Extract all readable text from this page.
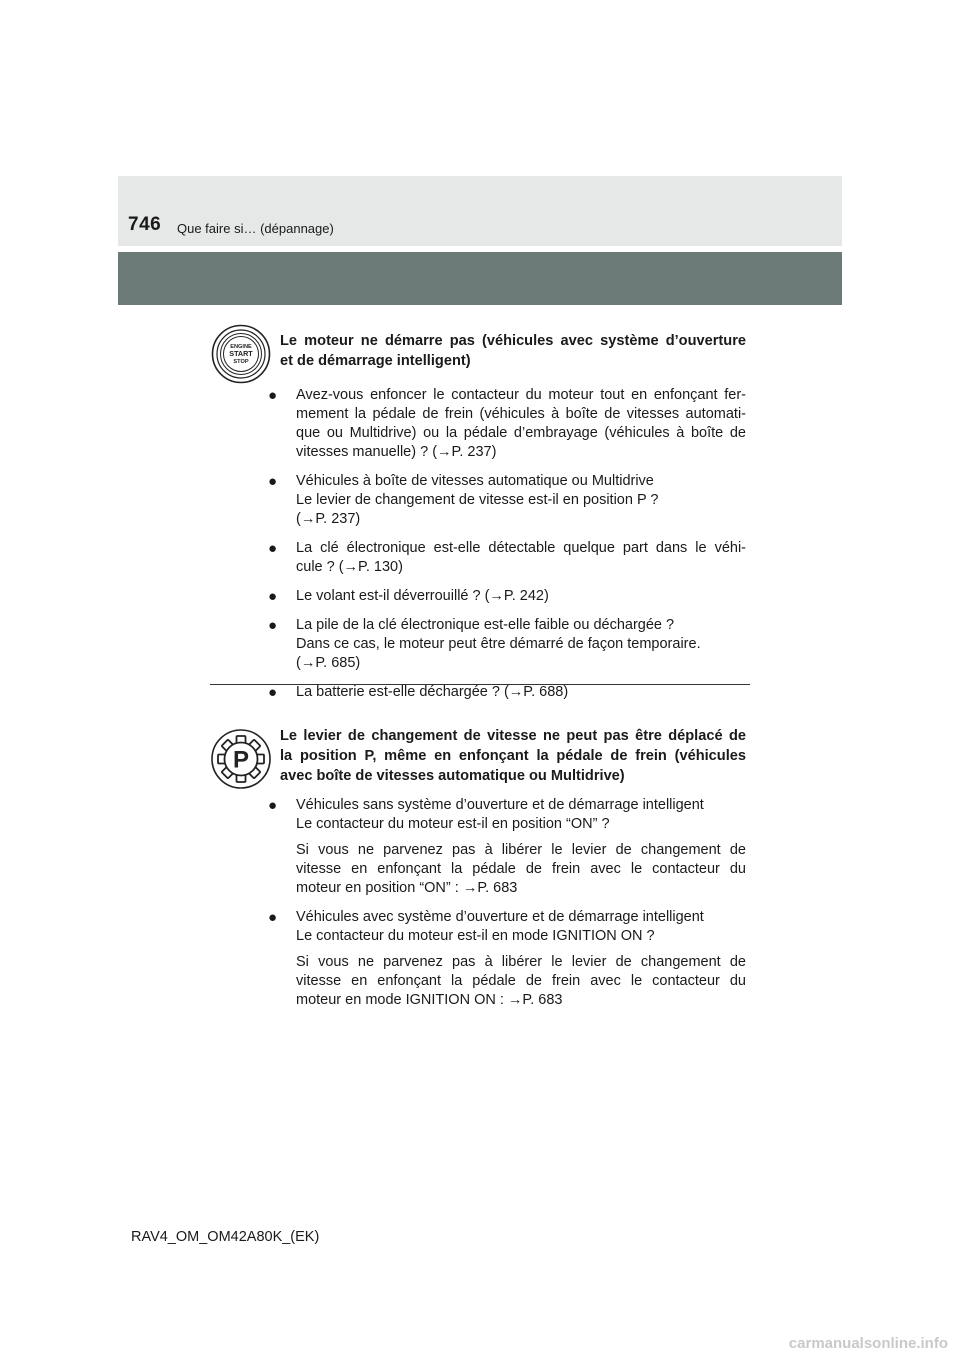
746 Que faire si… (dépannage)
ENGINE
START
STOP
Le moteur ne démarre pas (véhicules avec système d’ouverture
et de démarrage intelligent)
● Avez-vous enfoncer le contacteur du moteur tout en enfonçant fer-
mement la pédale de frein (véhicules à boîte de vitesses automati-
que ou Multidrive) ou la pédale d’embrayage (véhicules à boîte de
vitesses manuelle) ? (→P. 237)
● Véhicules à boîte de vitesses automatique ou Multidrive
Le levier de changement de vitesse est-il en position P ?
(→P. 237)
● La clé électronique est-elle détectable quelque part dans le véhi-
cule ? (→P. 130)
● Le volant est-il déverrouillé ? (→P. 242)
● La pile de la clé électronique est-elle faible ou déchargée ?
Dans ce cas, le moteur peut être démarré de façon temporaire.
(→P. 685)
● La batterie est-elle déchargée ? (→P. 688)
P
Le levier de changement de vitesse ne peut pas être déplacé de
la position P, même en enfonçant la pédale de frein (véhicules
avec boîte de vitesses automatique ou Multidrive)
● Véhicules sans système d’ouverture et de démarrage intelligent
Le contacteur du moteur est-il en position “ON” ?
Si vous ne parvenez pas à libérer le levier de changement de
vitesse en enfonçant la pédale de frein avec le contacteur du
moteur en position “ON” : →P. 683
● Véhicules avec système d’ouverture et de démarrage intelligent
Le contacteur du moteur est-il en mode IGNITION ON ?
Si vous ne parvenez pas à libérer le levier de changement de
vitesse en enfonçant la pédale de frein avec le contacteur du
moteur en mode IGNITION ON : →P. 683
RAV4_OM_OM42A80K_(EK)
carmanualsonline.info
